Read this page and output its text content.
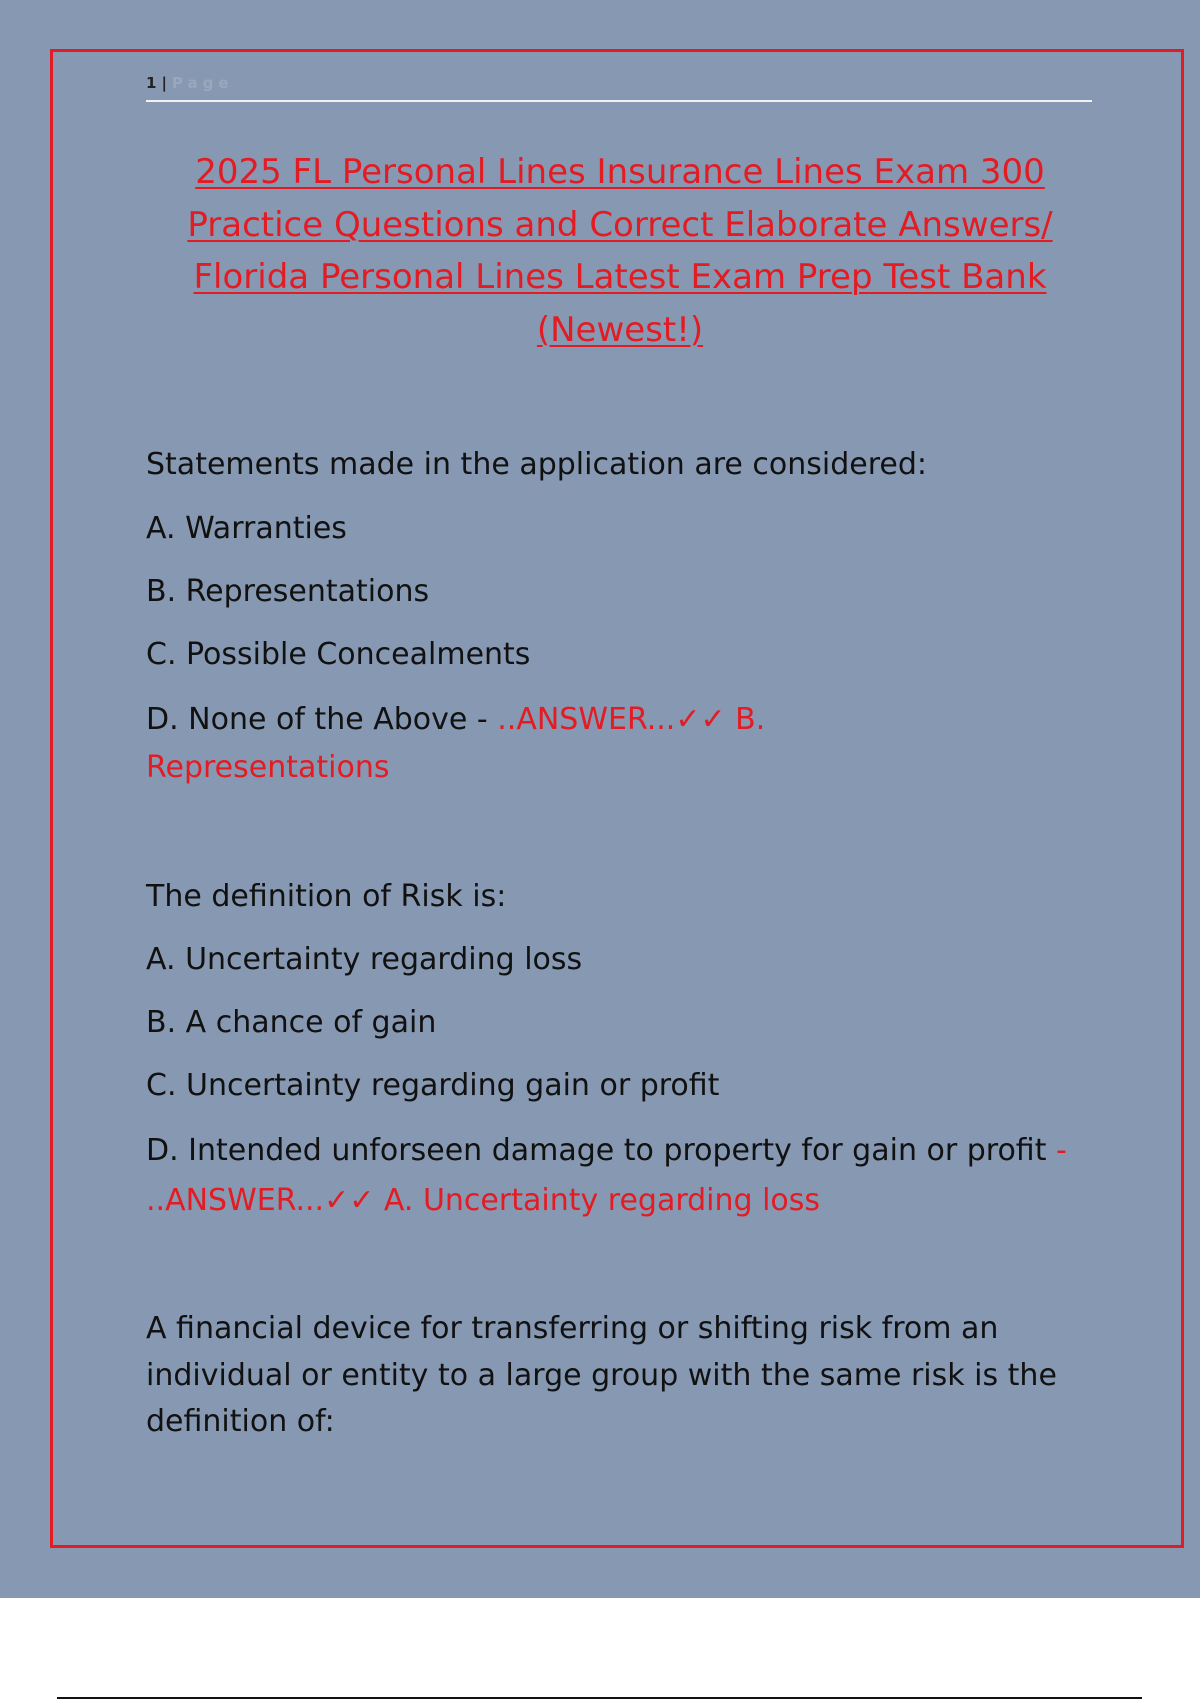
1 | Page
2025 FL Personal Lines Insurance Lines Exam 300 Practice Questions and Correct Elaborate Answers/ Florida Personal Lines Latest Exam Prep Test Bank (Newest!)

Statements made in the application are considered:

A. Warranties

B. Representations

C. Possible Concealments

D. None of the Above - ..ANSWER...✓✓ B. Representations

The definition of Risk is:

A. Uncertainty regarding loss

B. A chance of gain

C. Uncertainty regarding gain or profit

D. Intended unforseen damage to property for gain or profit - ..ANSWER...✓✓ A. Uncertainty regarding loss

A financial device for transferring or shifting risk from an individual or entity to a large group with the same risk is the definition of:
